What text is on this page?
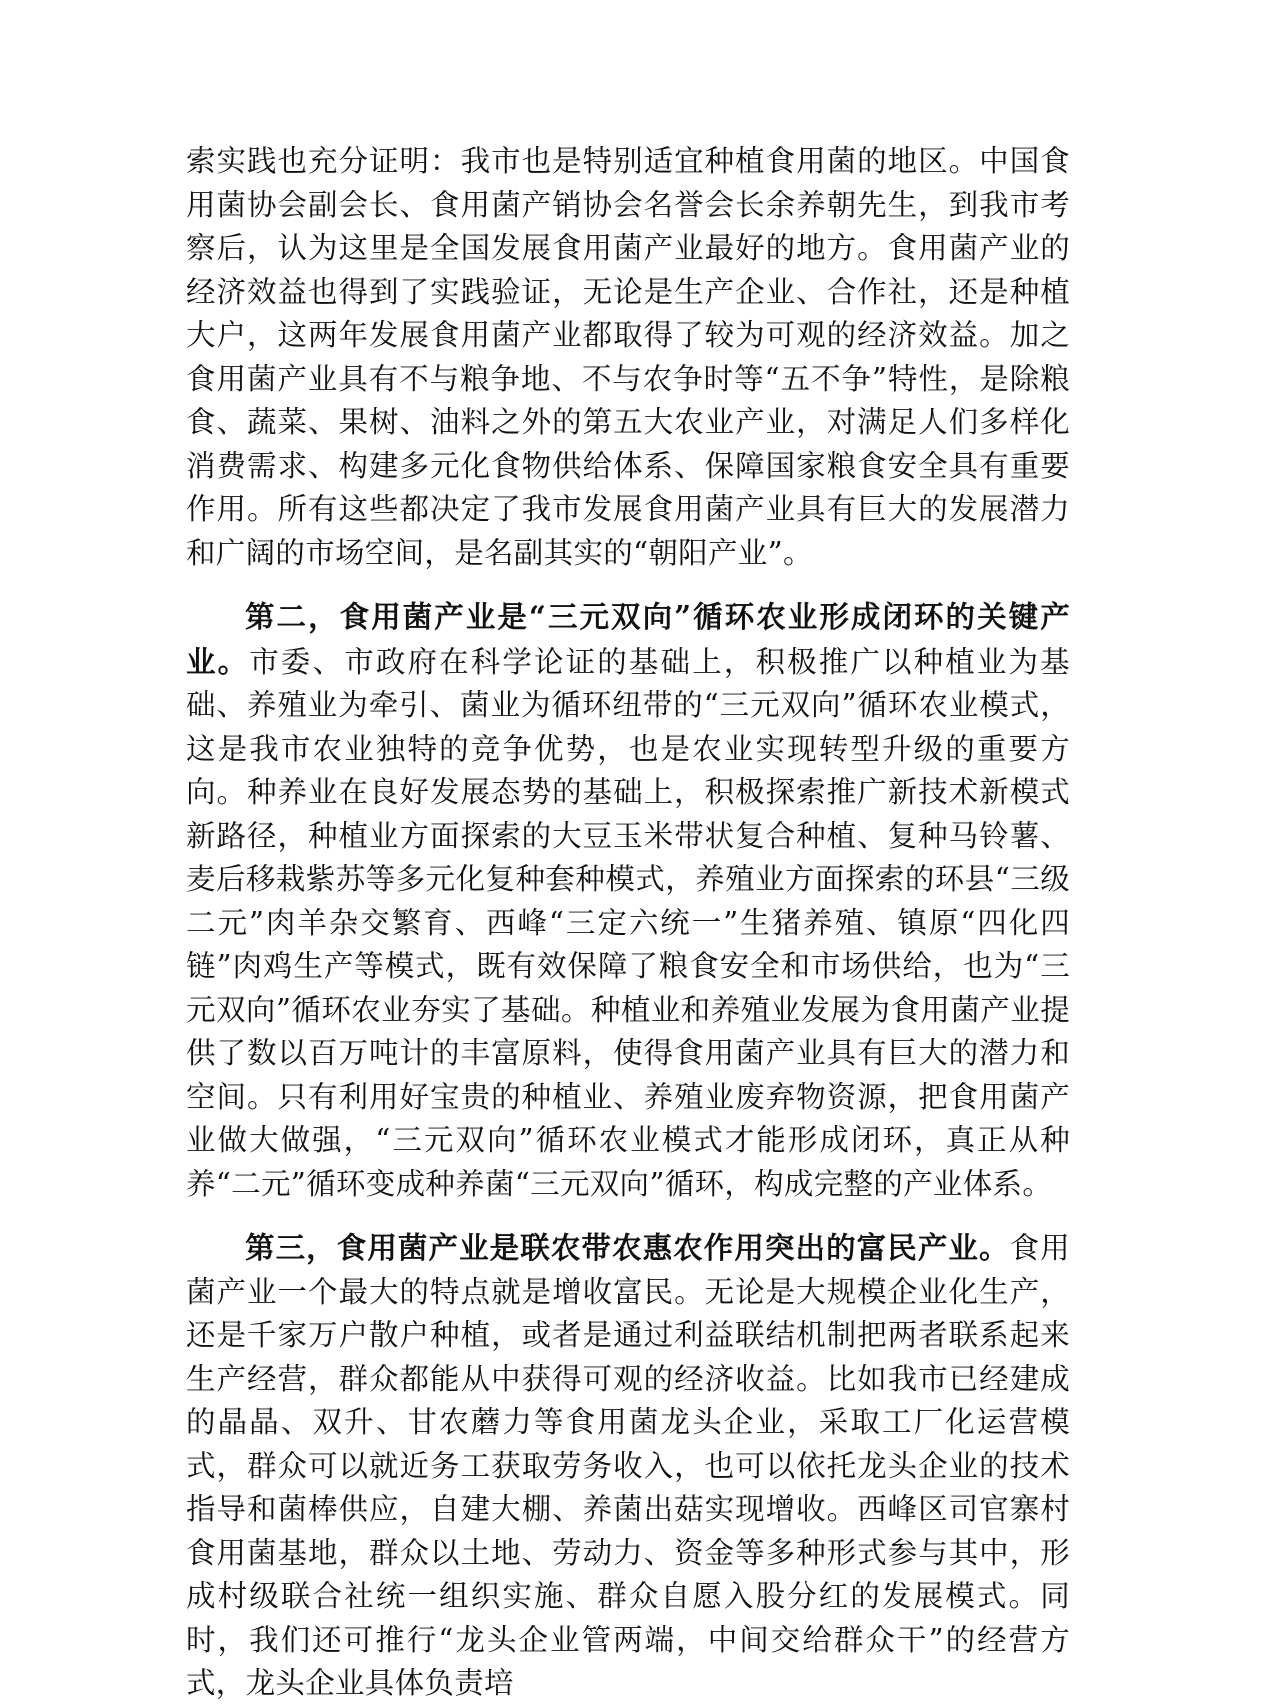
索实践也充分证明：我市也是特别适宜种植食用菌的地区。中国食用菌协会副会长、食用菌产销协会名誉会长余养朝先生，到我市考察后，认为这里是全国发展食用菌产业最好的地方。食用菌产业的经济效益也得到了实践验证，无论是生产企业、合作社，还是种植大户，这两年发展食用菌产业都取得了较为可观的经济效益。加之食用菌产业具有不与粮争地、不与农争时等“五不争”特性，是除粮食、蔬菜、果树、油料之外的第五大农业产业，对满足人们多样化消费需求、构建多元化食物供给体系、保障国家粮食安全具有重要作用。所有这些都决定了我市发展食用菌产业具有巨大的发展潜力和广阔的市场空间，是名副其实的“朝阳产业”。

第二，食用菌产业是“三元双向”循环农业形成闭环的关键产业。市委、市政府在科学论证的基础上，积极推广以种植业为基础、养殖业为牵引、菌业为循环纽带的“三元双向”循环农业模式，这是我市农业独特的竞争优势，也是农业实现转型升级的重要方向。种养业在良好发展态势的基础上，积极探索推广新技术新模式新路径，种植业方面探索的大豆玉米带状复合种植、复种马铃薯、麦后移栽紫苏等多元化复种套种模式，养殖业方面探索的环县“三级二元”肉羊杂交繁育、西峰“三定六统一”生猪养殖、镇原“四化四链”肉鸡生产等模式，既有效保障了粮食安全和市场供给，也为“三元双向”循环农业夯实了基础。种植业和养殖业发展为食用菌产业提供了数以百万吨计的丰富原料，使得食用菌产业具有巨大的潜力和空间。只有利用好宝贵的种植业、养殖业废弃物资源，把食用菌产业做大做强，“三元双向”循环农业模式才能形成闭环，真正从种养“二元”循环变成种养菌“三元双向”循环，构成完整的产业体系。

第三，食用菌产业是联农带农惠农作用突出的富民产业。食用菌产业一个最大的特点就是增收富民。无论是大规模企业化生产，还是千家万户散户种植，或者是通过利益联结机制把两者联系起来生产经营，群众都能从中获得可观的经济收益。比如我市已经建成的晶晶、双升、甘农蘑力等食用菌龙头企业，采取工厂化运营模式，群众可以就近务工获取劳务收入，也可以依托龙头企业的技术指导和菌棒供应，自建大棚、养菌出菇实现增收。西峰区司官寨村食用菌基地，群众以土地、劳动力、资金等多种形式参与其中，形成村级联合社统一组织实施、群众自愿入股分红的发展模式。同时，我们还可推行“龙头企业管两端，中间交给群众干”的经营方式，龙头企业具体负责培
